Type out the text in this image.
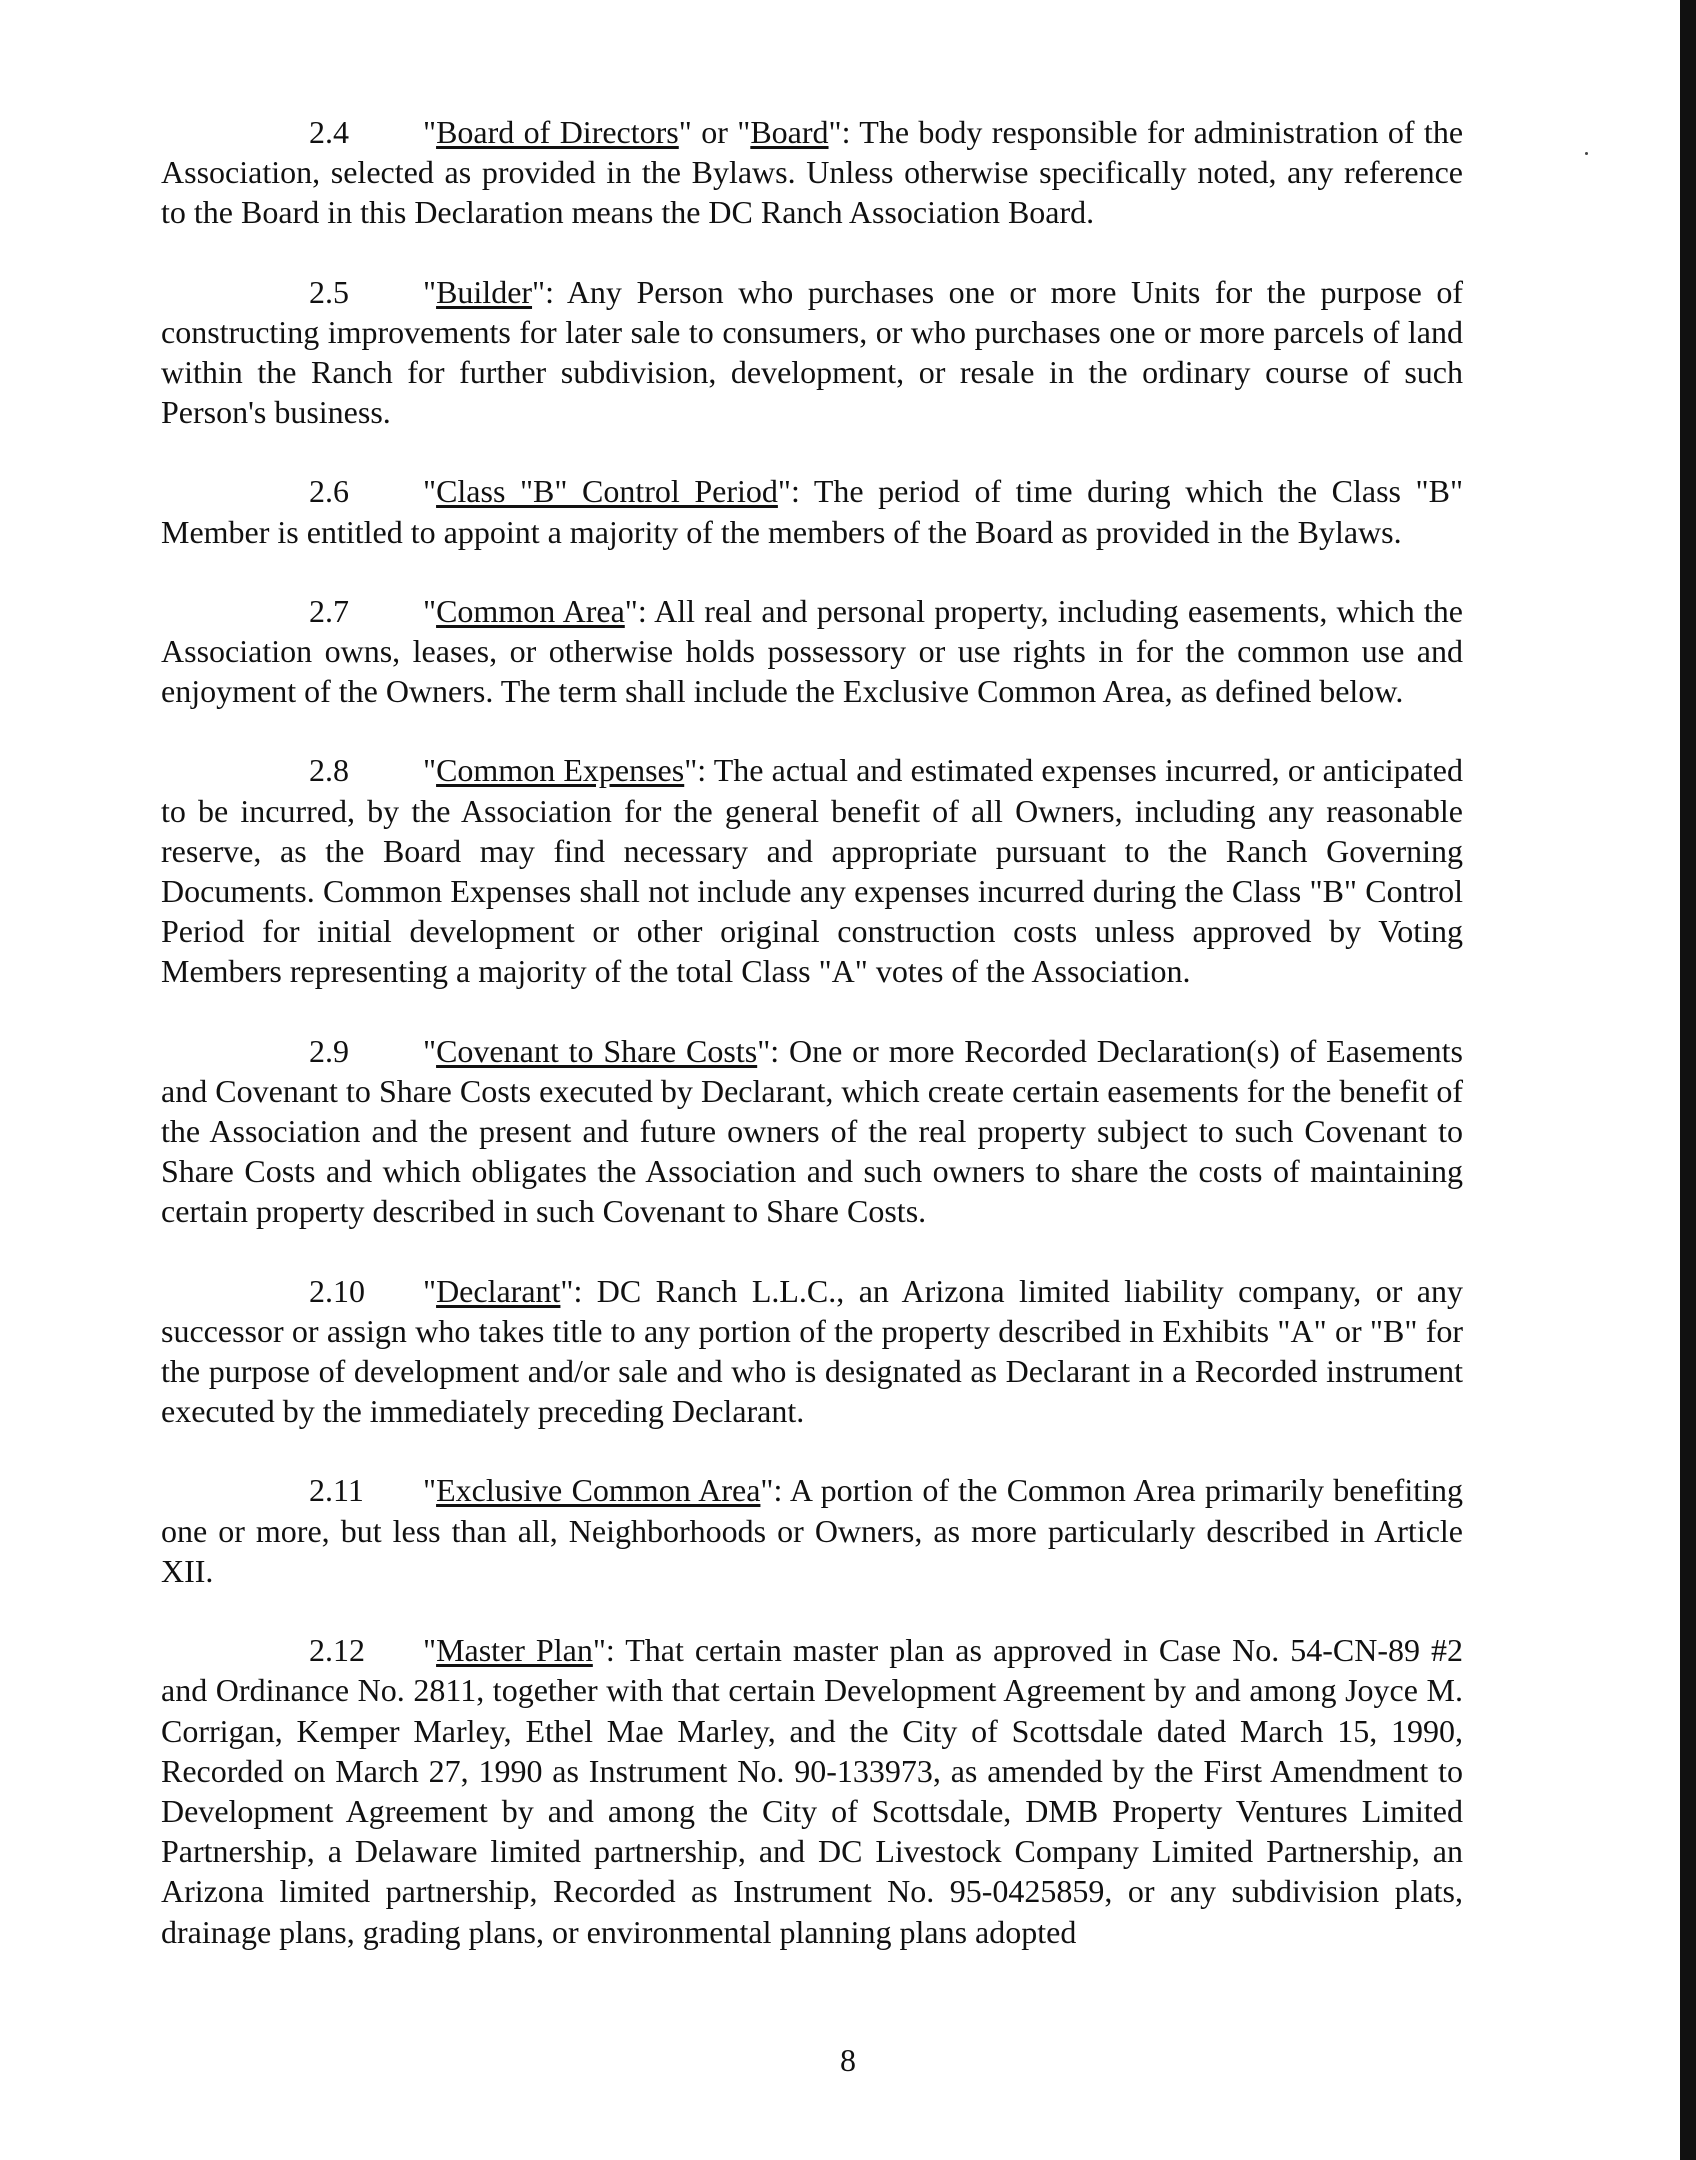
2.4 "Board of Directors" or "Board": The body responsible for administration of the Association, selected as provided in the Bylaws. Unless otherwise specifically noted, any reference to the Board in this Declaration means the DC Ranch Association Board.

2.5 "Builder": Any Person who purchases one or more Units for the purpose of constructing improvements for later sale to consumers, or who purchases one or more parcels of land within the Ranch for further subdivision, development, or resale in the ordinary course of such Person's business.

2.6 "Class "B" Control Period": The period of time during which the Class "B" Member is entitled to appoint a majority of the members of the Board as provided in the Bylaws.

2.7 "Common Area": All real and personal property, including easements, which the Association owns, leases, or otherwise holds possessory or use rights in for the common use and enjoyment of the Owners. The term shall include the Exclusive Common Area, as defined below.

2.8 "Common Expenses": The actual and estimated expenses incurred, or anticipated to be incurred, by the Association for the general benefit of all Owners, including any reasonable reserve, as the Board may find necessary and appropriate pursuant to the Ranch Governing Documents. Common Expenses shall not include any expenses incurred during the Class "B" Control Period for initial development or other original construction costs unless approved by Voting Members representing a majority of the total Class "A" votes of the Association.

2.9 "Covenant to Share Costs": One or more Recorded Declaration(s) of Easements and Covenant to Share Costs executed by Declarant, which create certain easements for the benefit of the Association and the present and future owners of the real property subject to such Covenant to Share Costs and which obligates the Association and such owners to share the costs of maintaining certain property described in such Covenant to Share Costs.

2.10 "Declarant": DC Ranch L.L.C., an Arizona limited liability company, or any successor or assign who takes title to any portion of the property described in Exhibits "A" or "B" for the purpose of development and/or sale and who is designated as Declarant in a Recorded instrument executed by the immediately preceding Declarant.

2.11 "Exclusive Common Area": A portion of the Common Area primarily benefiting one or more, but less than all, Neighborhoods or Owners, as more particularly described in Article XII.

2.12 "Master Plan": That certain master plan as approved in Case No. 54-CN-89 #2 and Ordinance No. 2811, together with that certain Development Agreement by and among Joyce M. Corrigan, Kemper Marley, Ethel Mae Marley, and the City of Scottsdale dated March 15, 1990, Recorded on March 27, 1990 as Instrument No. 90-133973, as amended by the First Amendment to Development Agreement by and among the City of Scottsdale, DMB Property Ventures Limited Partnership, a Delaware limited partnership, and DC Livestock Company Limited Partnership, an Arizona limited partnership, Recorded as Instrument No. 95-0425859, or any subdivision plats, drainage plans, grading plans, or environmental planning plans adopted

8
